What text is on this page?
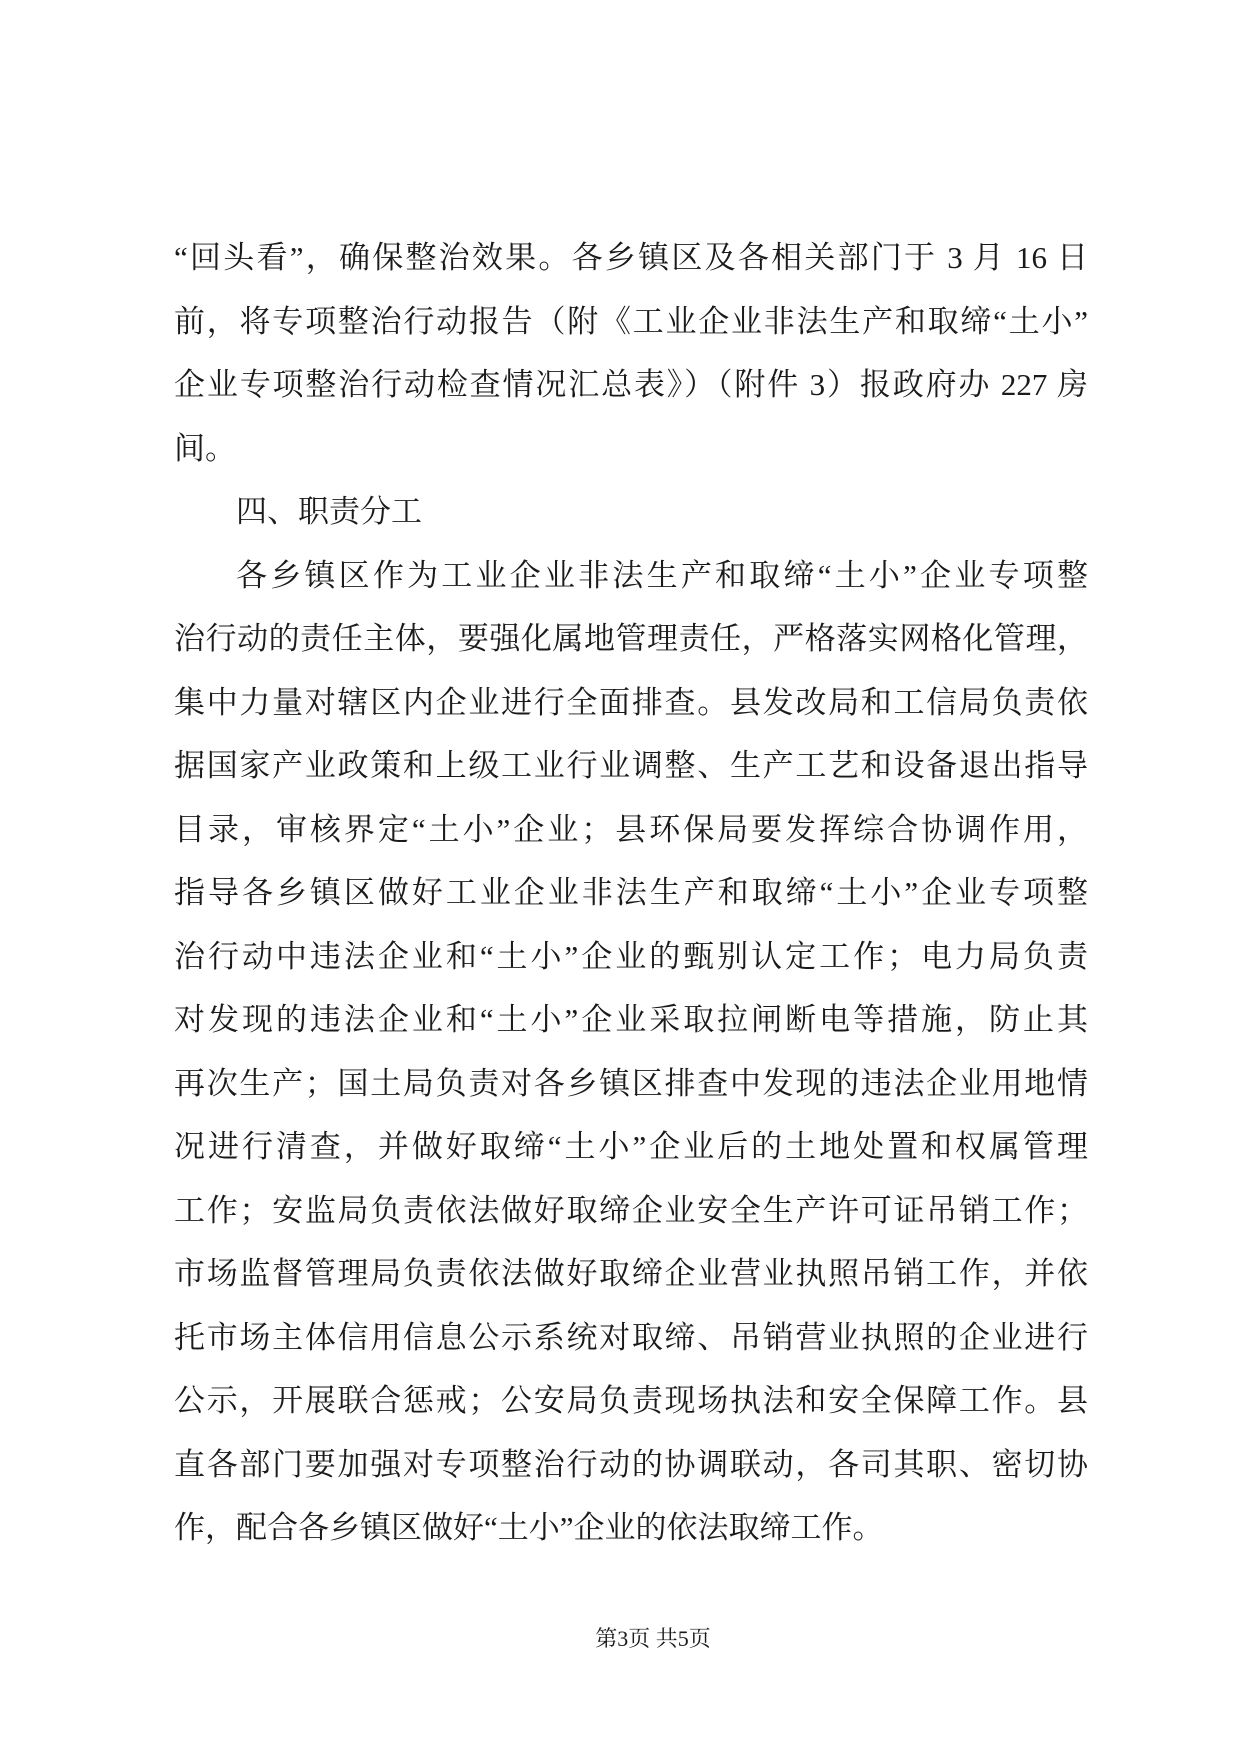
“回头看”，确保整治效果。各乡镇区及各相关部门于 3 月 16 日
前，将专项整治行动报告（附《工业企业非法生产和取缔“土小”
企业专项整治行动检查情况汇总表》）（附件 3）报政府办 227 房
间。
四、职责分工
各乡镇区作为工业企业非法生产和取缔“土小”企业专项整
治行动的责任主体，要强化属地管理责任，严格落实网格化管理，
集中力量对辖区内企业进行全面排查。县发改局和工信局负责依
据国家产业政策和上级工业行业调整、生产工艺和设备退出指导
目录，审核界定“土小”企业；县环保局要发挥综合协调作用，
指导各乡镇区做好工业企业非法生产和取缔“土小”企业专项整
治行动中违法企业和“土小”企业的甄别认定工作；电力局负责
对发现的违法企业和“土小”企业采取拉闸断电等措施，防止其
再次生产；国土局负责对各乡镇区排查中发现的违法企业用地情
况进行清查，并做好取缔“土小”企业后的土地处置和权属管理
工作；安监局负责依法做好取缔企业安全生产许可证吊销工作；
市场监督管理局负责依法做好取缔企业营业执照吊销工作，并依
托市场主体信用信息公示系统对取缔、吊销营业执照的企业进行
公示，开展联合惩戒；公安局负责现场执法和安全保障工作。县
直各部门要加强对专项整治行动的协调联动，各司其职、密切协
作，配合各乡镇区做好“土小”企业的依法取缔工作。
第3页 共5页
